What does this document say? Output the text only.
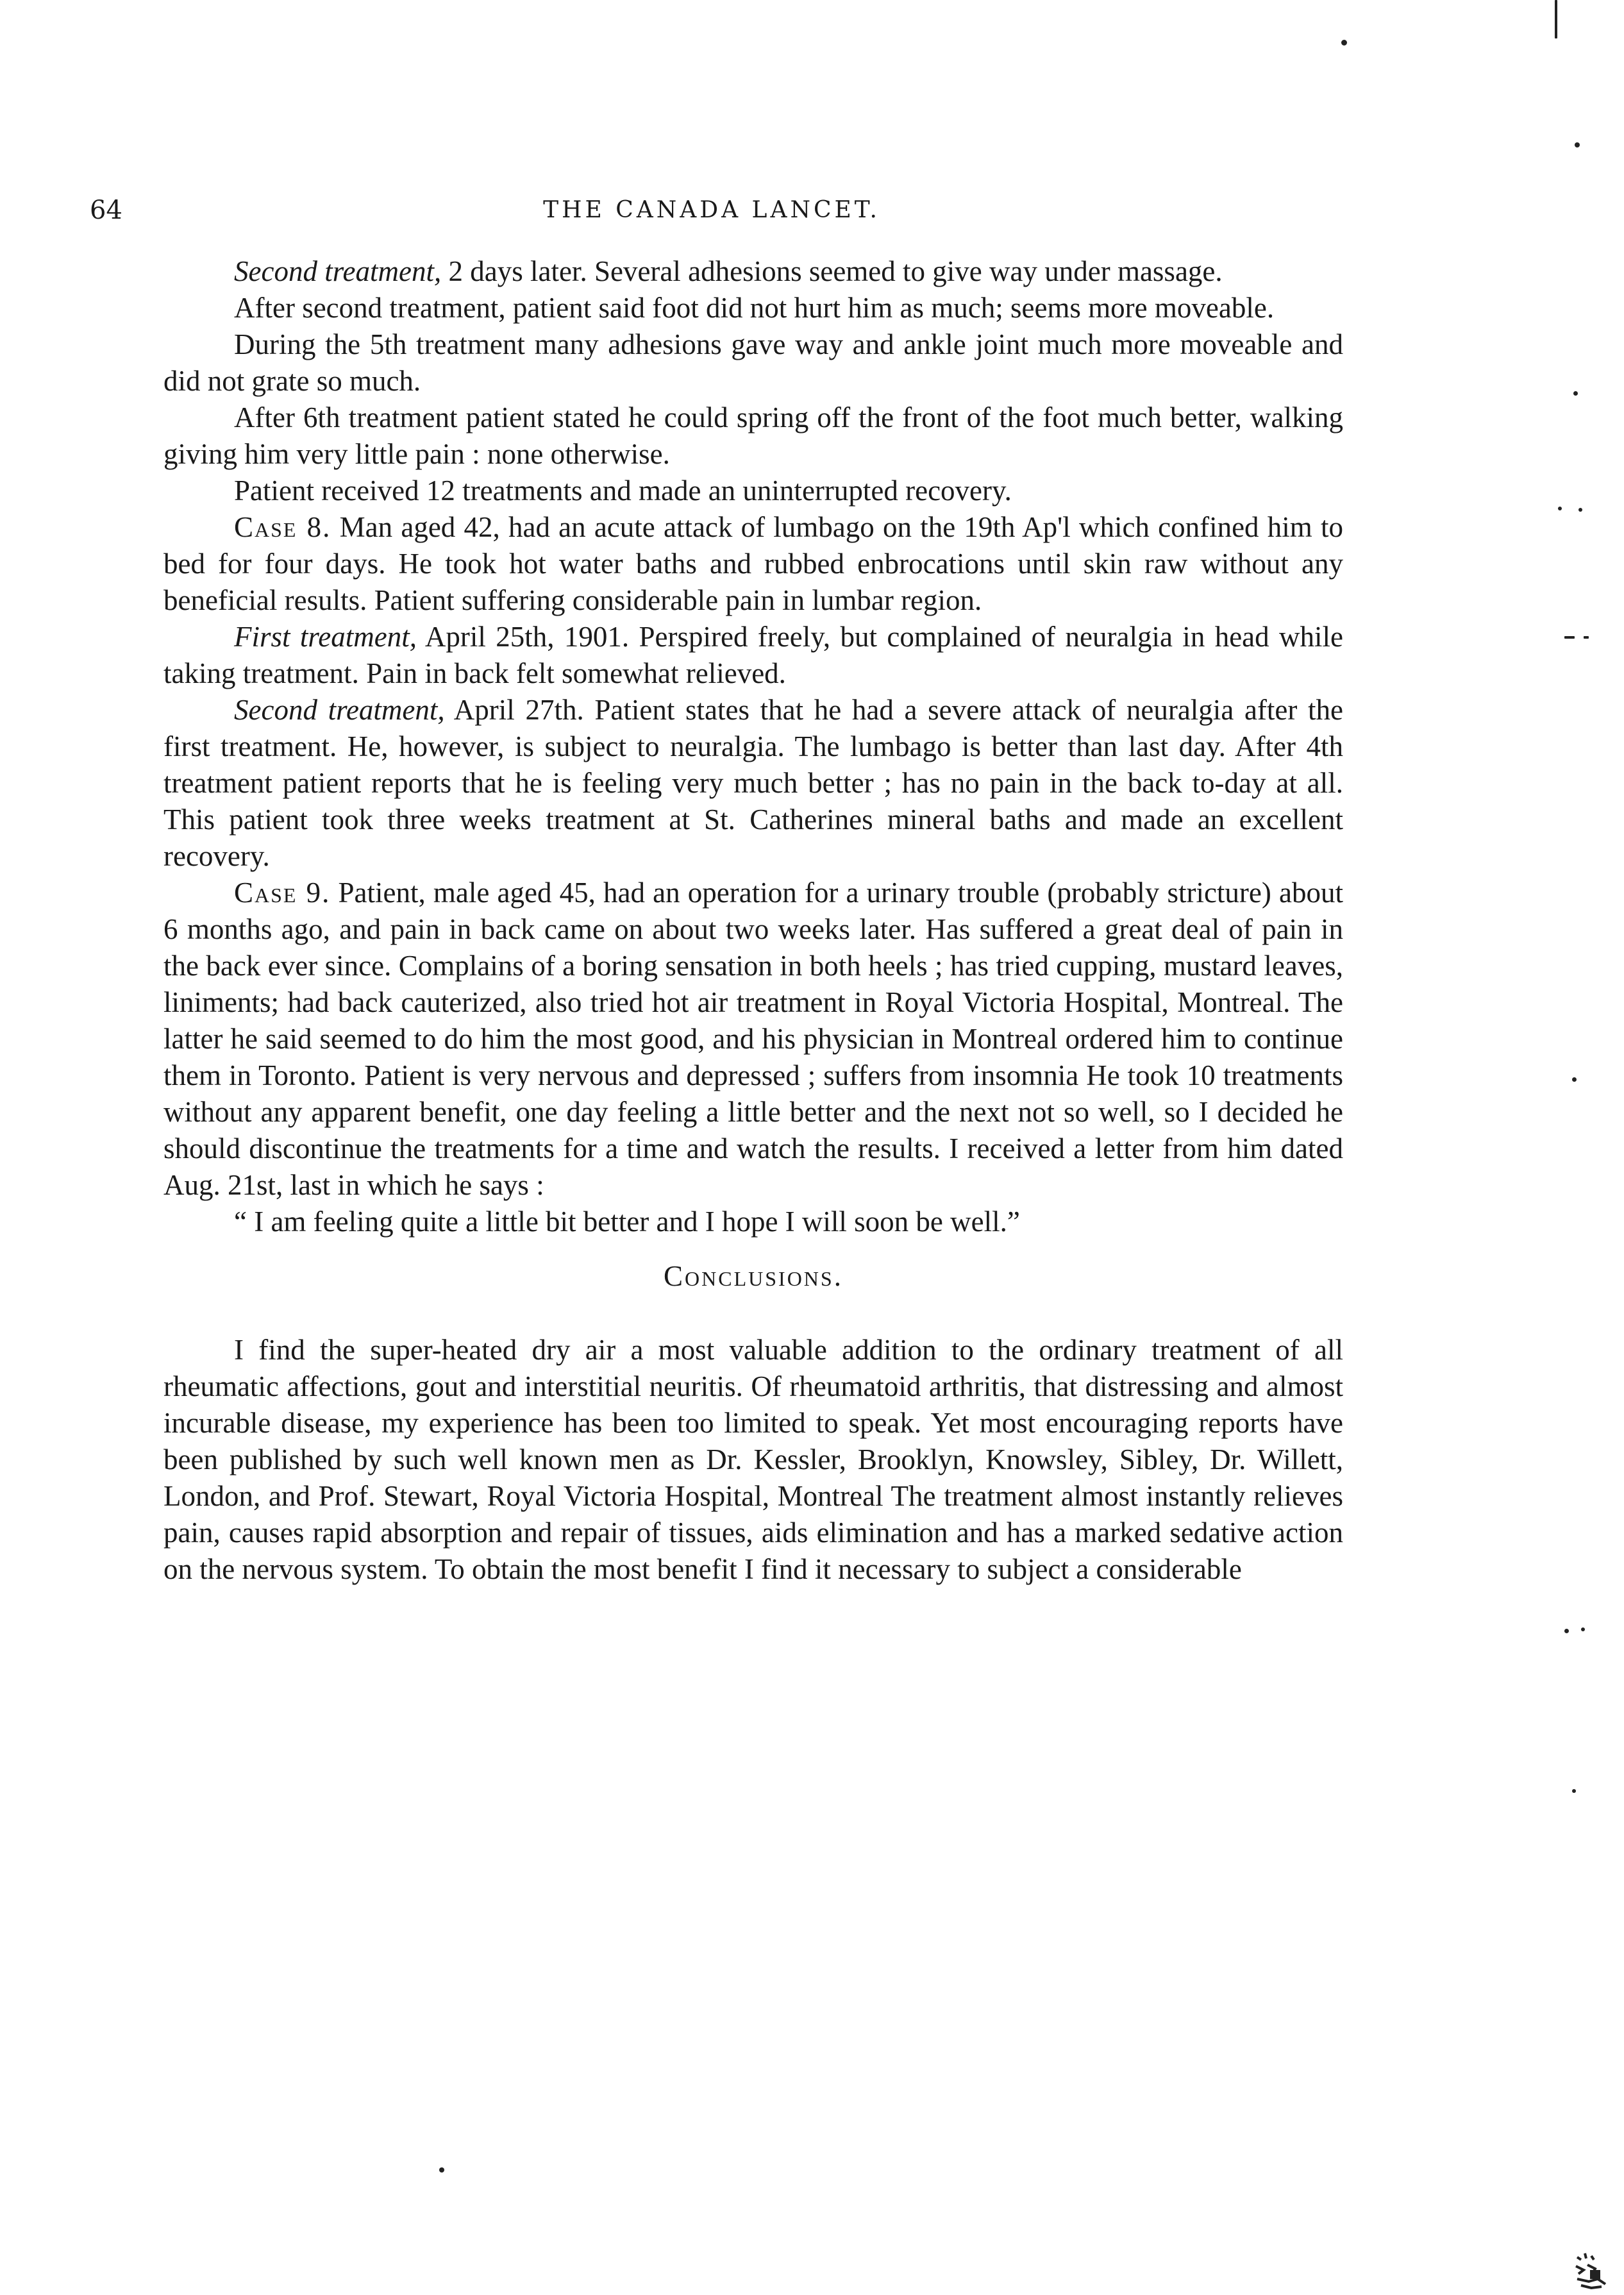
64	THE CANADA LANCET.

Second treatment, 2 days later. Several adhesions seemed to give way under massage.

After second treatment, patient said foot did not hurt him as much; seems more moveable.

During the 5th treatment many adhesions gave way and ankle joint much more moveable and did not grate so much.

After 6th treatment patient stated he could spring off the front of the foot much better, walking giving him very little pain : none otherwise.

Patient received 12 treatments and made an uninterrupted recovery.

Case 8. Man aged 42, had an acute attack of lumbago on the 19th Ap'l which confined him to bed for four days. He took hot water baths and rubbed enbrocations until skin raw without any beneficial results. Patient suffering considerable pain in lumbar region.

First treatment, April 25th, 1901. Perspired freely, but complained of neuralgia in head while taking treatment. Pain in back felt somewhat relieved.

Second treatment, April 27th. Patient states that he had a severe attack of neuralgia after the first treatment. He, however, is subject to neuralgia. The lumbago is better than last day. After 4th treatment patient reports that he is feeling very much better ; has no pain in the back to-day at all. This patient took three weeks treatment at St. Catherines mineral baths and made an excellent recovery.

Case 9. Patient, male aged 45, had an operation for a urinary trouble (probably stricture) about 6 months ago, and pain in back came on about two weeks later. Has suffered a great deal of pain in the back ever since. Complains of a boring sensation in both heels ; has tried cupping, mustard leaves, liniments; had back cauterized, also tried hot air treatment in Royal Victoria Hospital, Montreal. The latter he said seemed to do him the most good, and his physician in Montreal ordered him to continue them in Toronto. Patient is very nervous and depressed ; suffers from insomnia He took 10 treatments without any apparent benefit, one day feeling a little better and the next not so well, so I decided he should discontinue the treatments for a time and watch the results. I received a letter from him dated Aug. 21st, last in which he says :

“ I am feeling quite a little bit better and I hope I will soon be well.”

Conclusions.

I find the super-heated dry air a most valuable addition to the ordinary treatment of all rheumatic affections, gout and interstitial neuritis. Of rheumatoid arthritis, that distressing and almost incurable disease, my experience has been too limited to speak. Yet most encouraging reports have been published by such well known men as Dr. Kessler, Brooklyn, Knowsley, Sibley, Dr. Willett, London, and Prof. Stewart, Royal Victoria Hospital, Montreal The treatment almost instantly relieves pain, causes rapid absorption and repair of tissues, aids elimination and has a marked sedative action on the nervous system. To obtain the most benefit I find it necessary to subject a considerable
